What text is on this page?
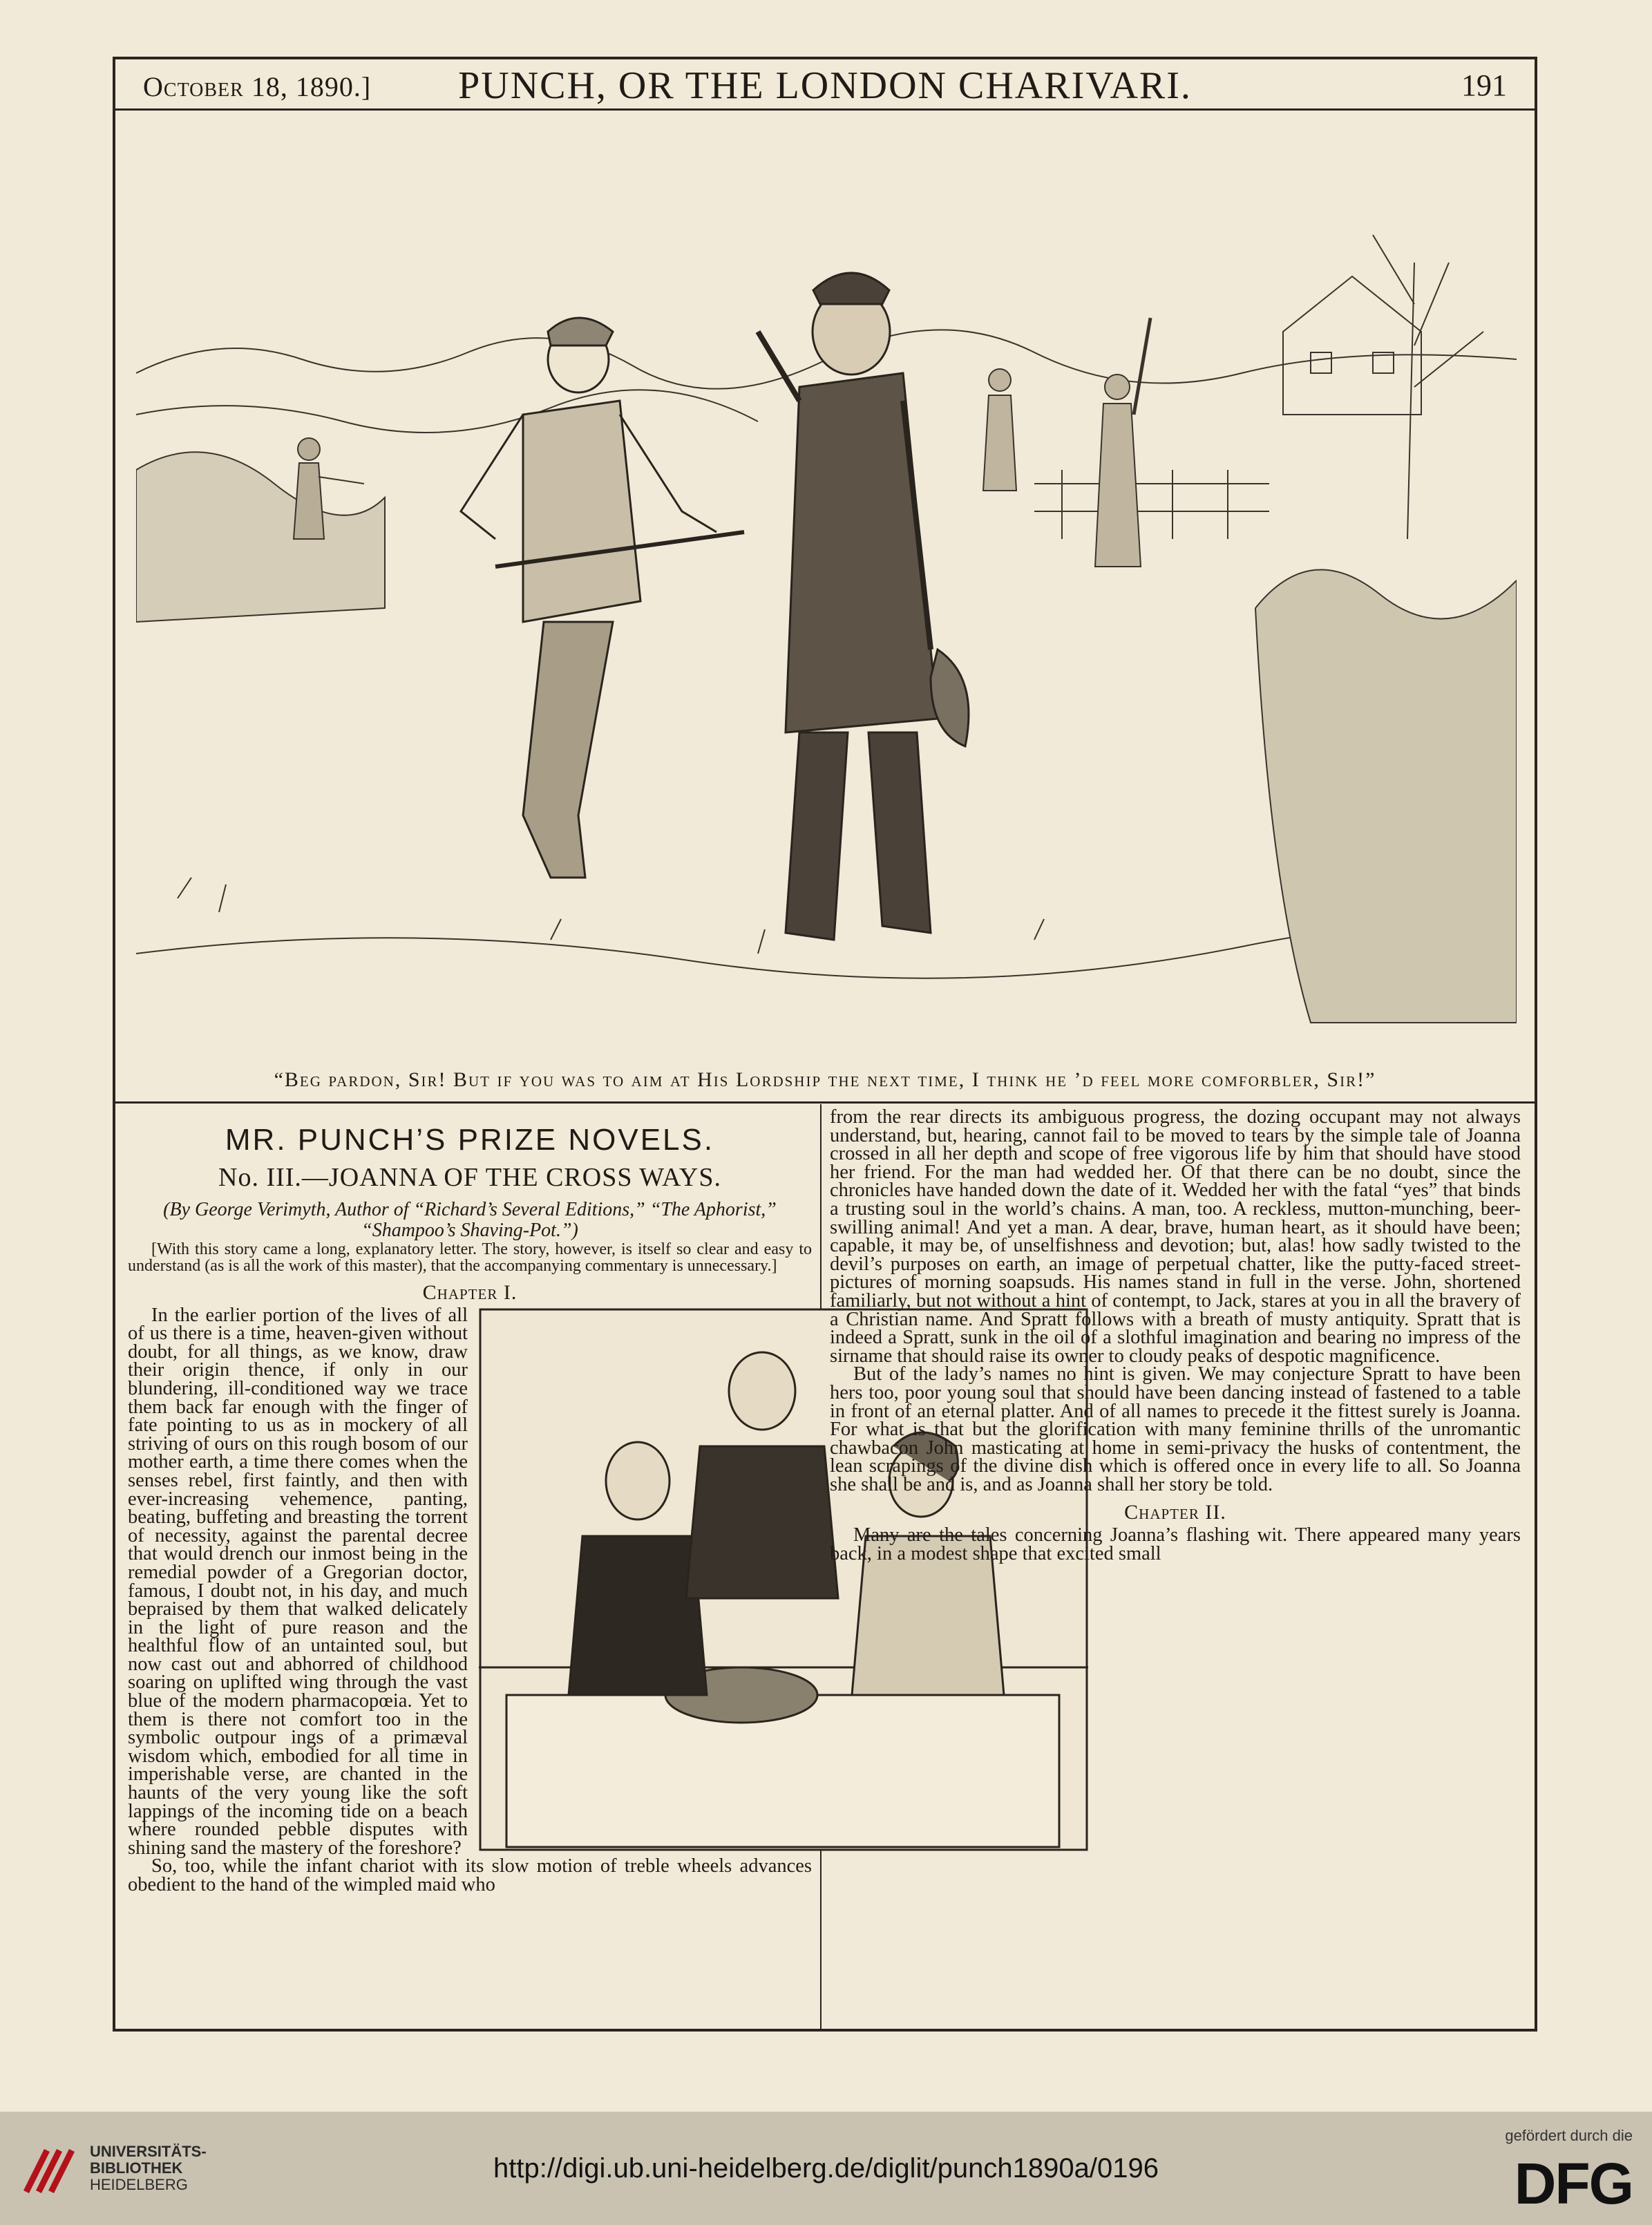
October 18, 1890.]	PUNCH, OR THE LONDON CHARIVARI.	191
“Beg pardon, Sir! But if you was to aim at His Lordship the next time, I think he ’d feel more comforbler, Sir!”
MR. PUNCH’S PRIZE NOVELS.
No. III.—JOANNA OF THE CROSS WAYS.
(By George Verimyth, Author of “Richard’s Several Editions,” “The Aphorist,” “Shampoo’s Shaving-Pot.”)

[With this story came a long, explanatory letter. The story, however, is itself so clear and easy to understand (as is all the work of this master), that the accompanying commentary is unnecessary.]

Chapter I.

In the earlier portion of the lives of all of us there is a time, heaven-given without doubt, for all things, as we know, draw their origin thence, if only in our blundering, ill-conditioned way we trace them back far enough with the finger of fate pointing to us as in mockery of all striving of ours on this rough bosom of our mother earth, a time there comes when the senses rebel, first faintly, and then with ever-increasing vehemence, panting, beating, buffeting and breasting the torrent of necessity, against the parental decree that would drench our inmost being in the remedial powder of a Gregorian doctor, famous, I doubt not, in his day, and much bepraised by them that walked delicately in the light of pure reason and the healthful flow of an untainted soul, but now cast out and abhorred of childhood soaring on uplifted wing through the vast blue of the modern pharmacopœia. Yet to them is there not comfort too in the symbolic outpour ings of a primæval wisdom which, embodied for all time in imperishable verse, are chanted in the haunts of the very young like the soft lappings of the incoming tide on a beach where rounded pebble disputes with shining sand the mastery of the foreshore?

So, too, while the infant chariot with its slow motion of treble wheels advances obedient to the hand of the wimpled maid who

from the rear directs its ambiguous progress, the dozing occupant may not always understand, but, hearing, cannot fail to be moved to tears by the simple tale of Joanna crossed in all her depth and scope of free vigorous life by him that should have stood her friend. For the man had wedded her. Of that there can be no doubt, since the chronicles have handed down the date of it. Wedded her with the fatal “yes” that binds a trusting soul in the world’s chains. A man, too. A reckless, mutton-munching, beer-swilling animal! And yet a man. A dear, brave, human heart, as it should have been; capable, it may be, of unselfishness and devotion; but, alas! how sadly twisted to the devil’s purposes on earth, an image of perpetual chatter, like the putty-faced street-pictures of morning soapsuds. His names stand in full in the verse. John, shortened familiarly, but not without a hint of contempt, to Jack, stares at you in all the bravery of a Christian name. And Spratt follows with a breath of musty antiquity. Spratt that is indeed a Spratt, sunk in the oil of a slothful imagination and bearing no impress of the sirname that should raise its owner to cloudy peaks of despotic magnificence.

But of the lady’s names no hint is given. We may conjecture Spratt to have been hers too, poor young soul that should have been dancing instead of fastened to a table in front of an eternal platter. And of all names to precede it the fittest surely is Joanna. For what is that but the glorification with many feminine thrills of the unromantic chawbacon John masticating at home in semi-privacy the husks of contentment, the lean scrapings of the divine dish which is offered once in every life to all. So Joanna she shall be and is, and as Joanna shall her story be told.

Chapter II.

Many are the tales concerning Joanna’s flashing wit. There appeared many years back, in a modest shape that excited small

UNIVERSITÄTS-
BIBLIOTHEK
HEIDELBERG
http://digi.ub.uni-heidelberg.de/diglit/punch1890a/0196
gefördert durch die
DFG
